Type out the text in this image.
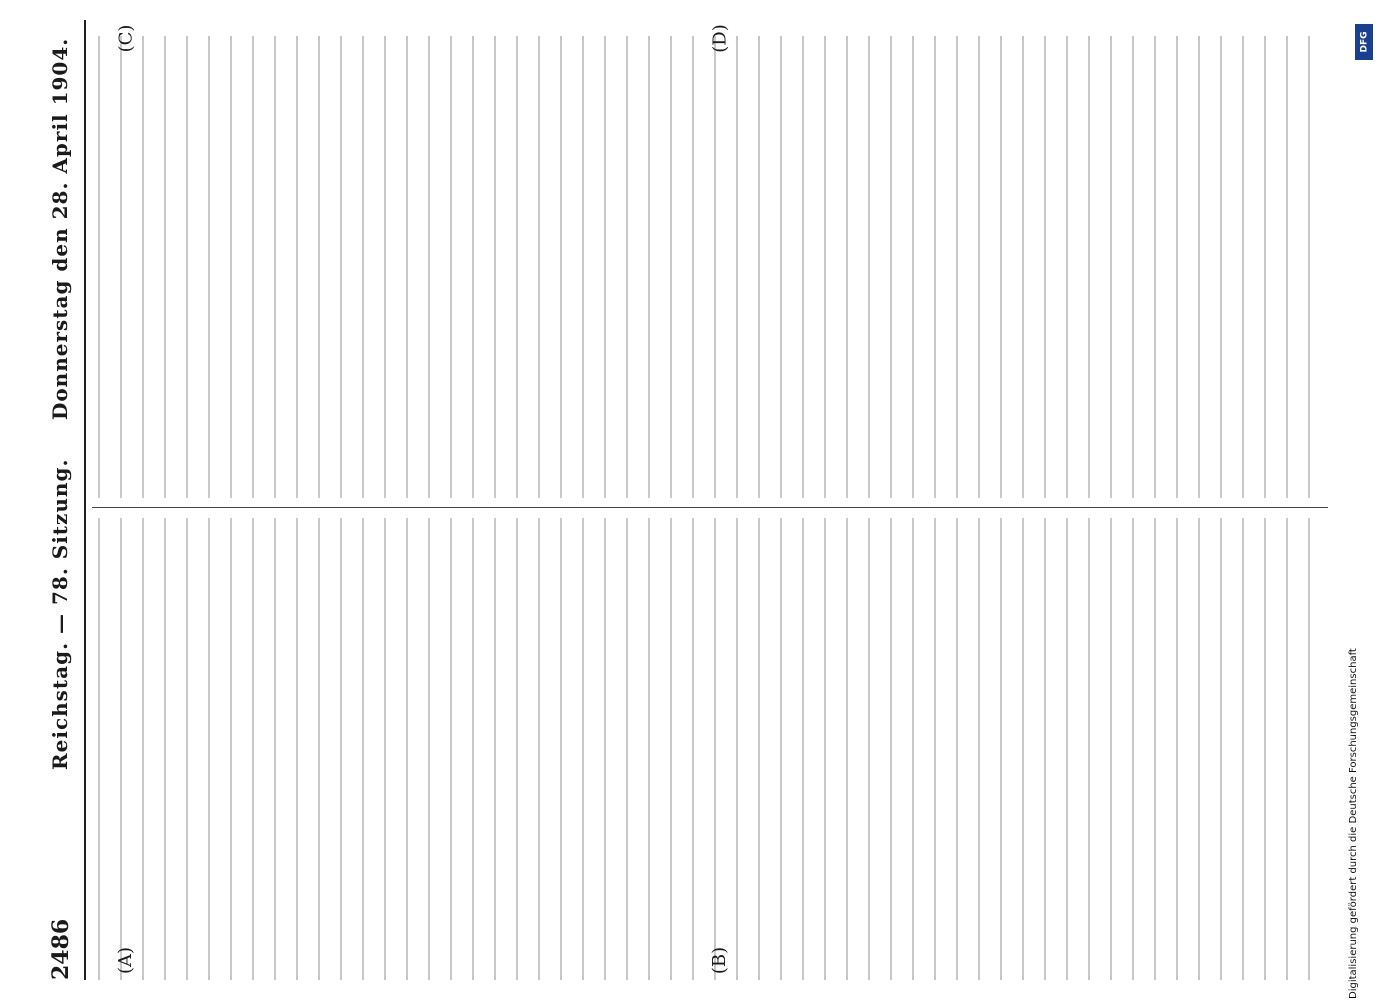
2486
Reichstag. — 78. Sitzung.
Donnerstag den 28. April 1904.
(A)	(B)
(C)	(D)	DFG
Digitalisierung gefördert durch die Deutsche Forschungsgemeinschaft
